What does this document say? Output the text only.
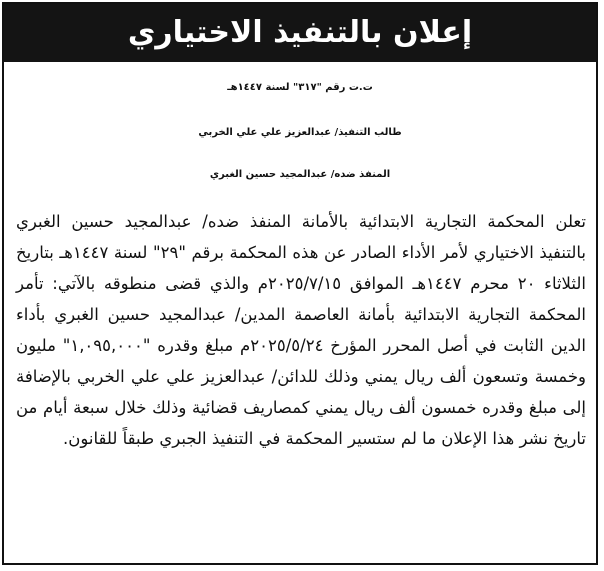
إعلان بالتنفيذ الاختياري
ت.ت رقم "٣١٧" لسنة ١٤٤٧هـ
طالب التنفيذ/ عبدالعزيز علي علي الخربي
المنفذ ضده/ عبدالمجيد حسين الغبري
تعلن المحكمة التجارية الابتدائية بالأمانة المنفذ ضده/ عبدالمجيد حسين الغبري بالتنفيذ الاختياري لأمر الأداء الصادر عن هذه المحكمة برقم "٢٩" لسنة ١٤٤٧هـ بتاريخ الثلاثاء ٢٠ محرم ١٤٤٧هـ الموافق ٢٠٢٥/٧/١٥م والذي قضى منطوقه بالآتي: تأمر المحكمة التجارية الابتدائية بأمانة العاصمة المدين/ عبدالمجيد حسين الغبري بأداء الدين الثابت في أصل المحرر المؤرخ ٢٠٢٥/٥/٢٤م مبلغ وقدره "١,٠٩٥,٠٠٠" مليون وخمسة وتسعون ألف ريال يمني وذلك للدائن/ عبدالعزيز علي علي الخربي بالإضافة إلى مبلغ وقدره خمسون ألف ريال يمني كمصاريف قضائية وذلك خلال سبعة أيام من تاريخ نشر هذا الإعلان ما لم ستسير المحكمة في التنفيذ الجبري طبقاً للقانون.
